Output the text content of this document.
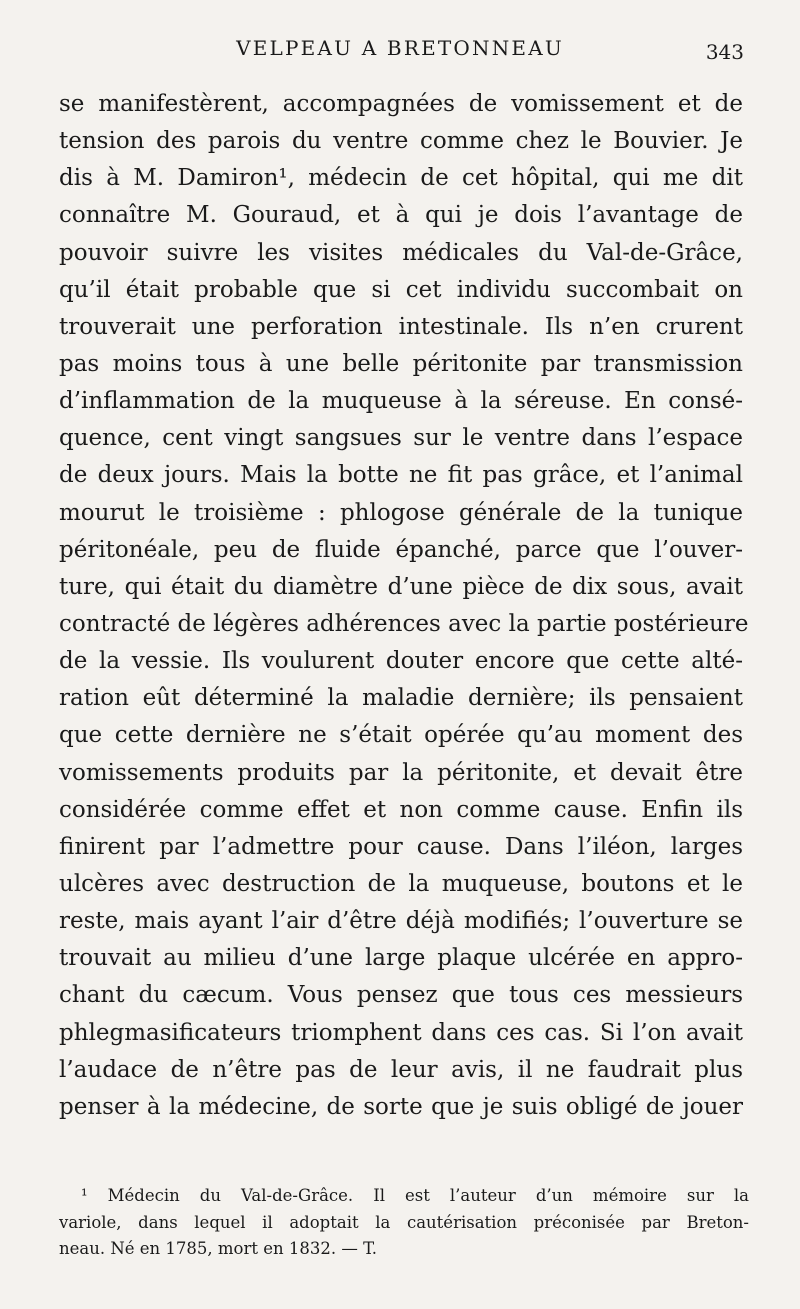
VELPEAU A BRETONNEAU	343
se manifestèrent, accompagnées de vomissement et de
tension des parois du ventre comme chez le Bouvier. Je
dis à M. Damiron¹, médecin de cet hôpital, qui me dit
connaître M. Gouraud, et à qui je dois l’avantage de
pouvoir suivre les visites médicales du Val-de-Grâce,
qu’il était probable que si cet individu succombait on
trouverait une perforation intestinale. Ils n’en crurent
pas moins tous à une belle péritonite par transmission
d’inflammation de la muqueuse à la séreuse. En consé-
quence, cent vingt sangsues sur le ventre dans l’espace
de deux jours. Mais la botte ne fit pas grâce, et l’animal
mourut le troisième : phlogose générale de la tunique
péritonéale, peu de fluide épanché, parce que l’ouver-
ture, qui était du diamètre d’une pièce de dix sous, avait
contracté de légères adhérences avec la partie postérieure
de la vessie. Ils voulurent douter encore que cette alté-
ration eût déterminé la maladie dernière; ils pensaient
que cette dernière ne s’était opérée qu’au moment des
vomissements produits par la péritonite, et devait être
considérée comme effet et non comme cause. Enfin ils
finirent par l’admettre pour cause. Dans l’iléon, larges
ulcères avec destruction de la muqueuse, boutons et le
reste, mais ayant l’air d’être déjà modifiés; l’ouverture se
trouvait au milieu d’une large plaque ulcérée en appro-
chant du cæcum. Vous pensez que tous ces messieurs
phlegmasificateurs triomphent dans ces cas. Si l’on avait
l’audace de n’être pas de leur avis, il ne faudrait plus
penser à la médecine, de sorte que je suis obligé de jouer
¹ Médecin du Val-de-Grâce. Il est l’auteur d’un mémoire sur la
variole, dans lequel il adoptait la cautérisation préconisée par Breton-
neau. Né en 1785, mort en 1832. — T.
